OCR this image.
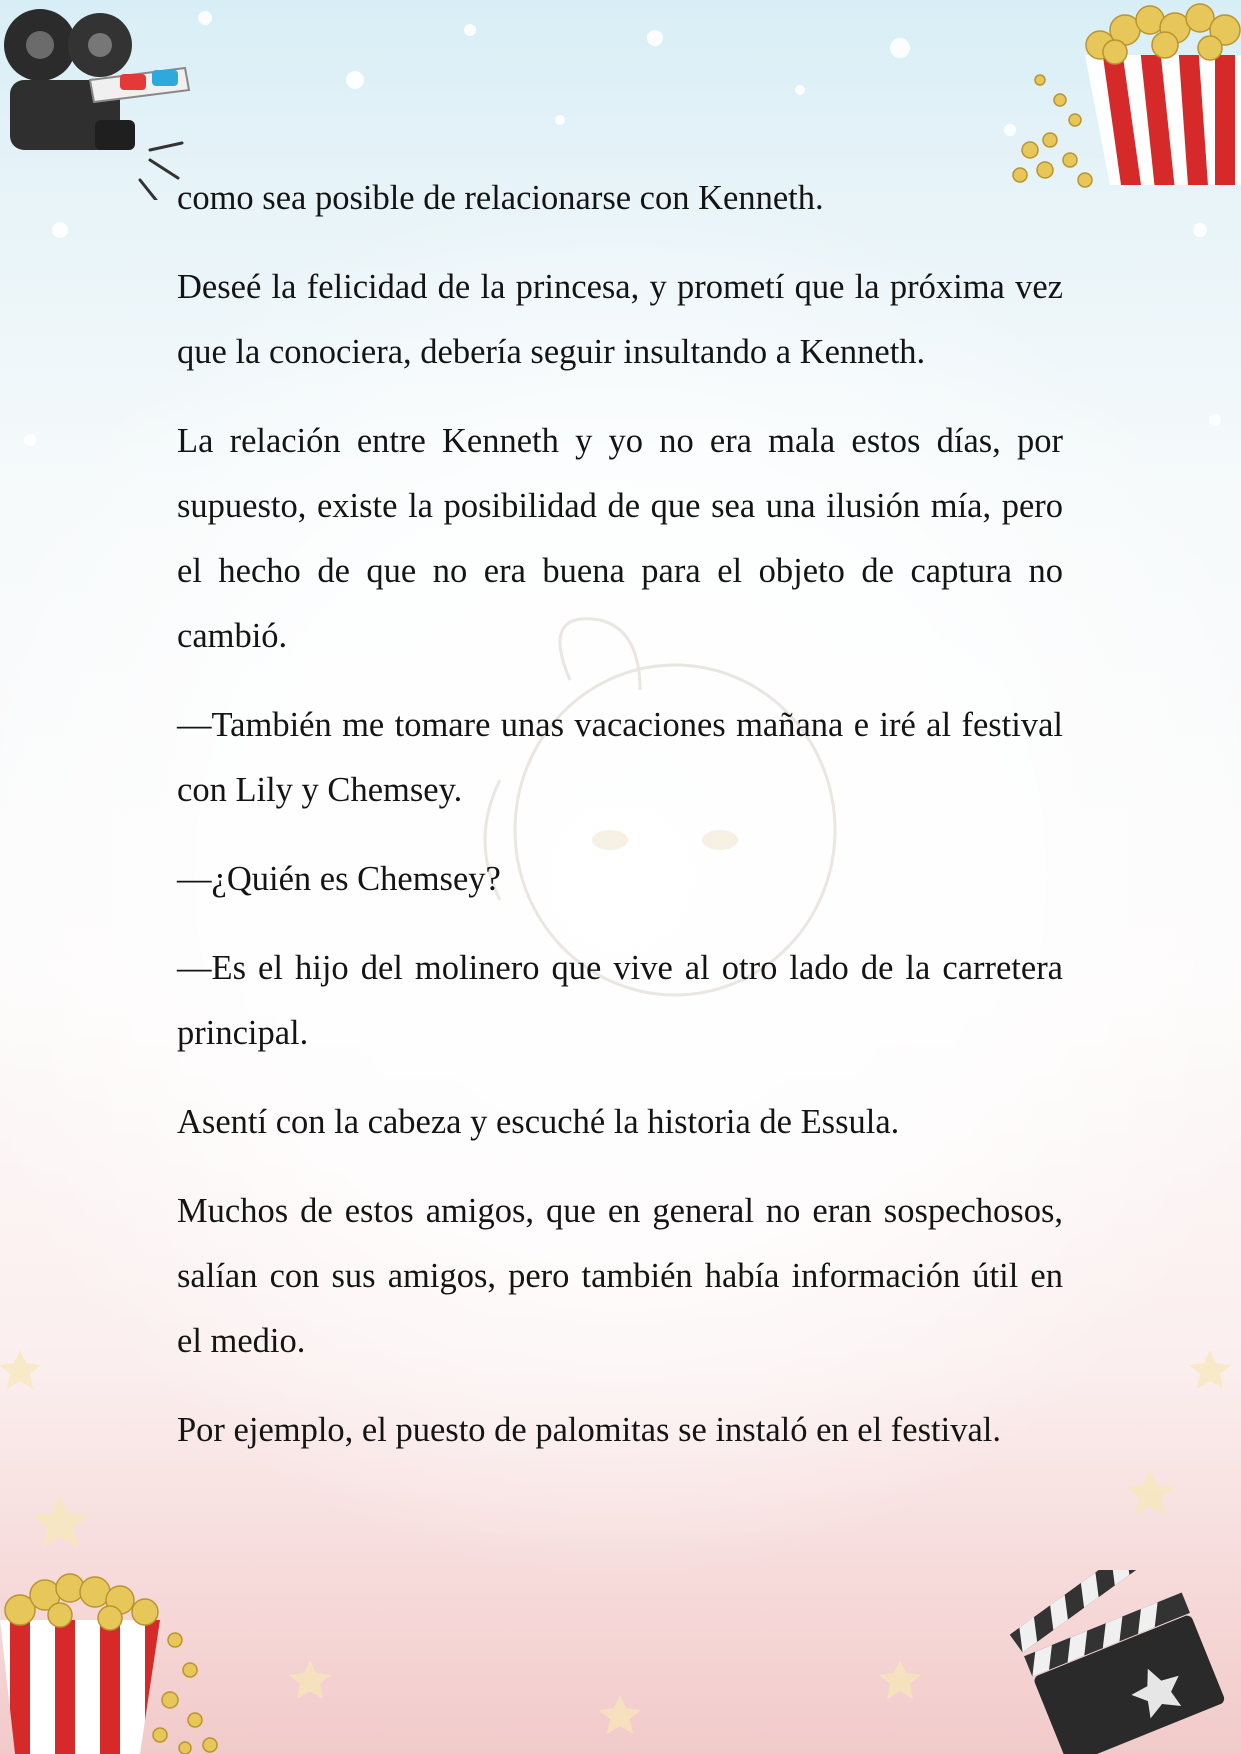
como sea posible de relacionarse con Kenneth.

Deseé la felicidad de la princesa, y prometí que la próxima vez que la conociera, debería seguir insultando a Kenneth.

La relación entre Kenneth y yo no era mala estos días, por supuesto, existe la posibilidad de que sea una ilusión mía, pero el hecho de que no era buena para el objeto de captura no cambió.

—También me tomare unas vacaciones mañana e iré al festival con Lily y Chemsey.

—¿Quién es Chemsey?

—Es el hijo del molinero que vive al otro lado de la carretera principal.

Asentí con la cabeza y escuché la historia de Essula.

Muchos de estos amigos, que en general no eran sospechosos, salían con sus amigos, pero también había información útil en el medio.

Por ejemplo, el puesto de palomitas se instaló en el festival.
